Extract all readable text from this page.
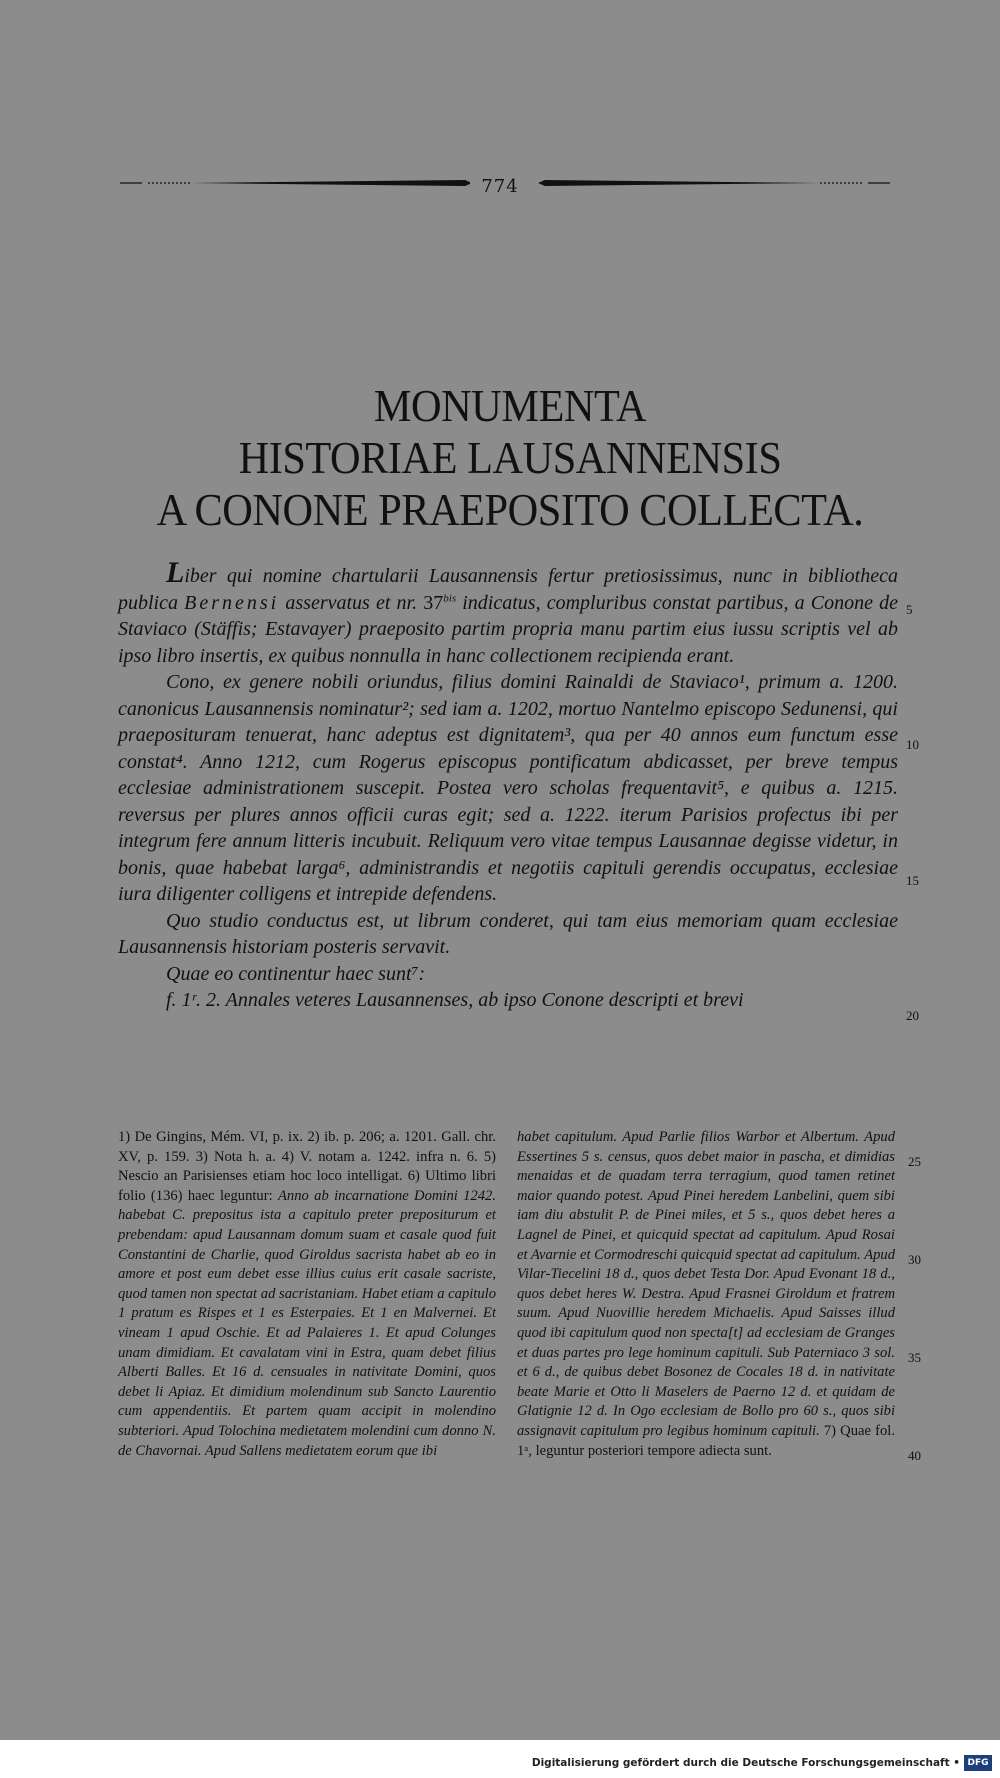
774
MONUMENTA
HISTORIAE LAUSANNENSIS
A CONONE PRAEPOSITO COLLECTA.

Liber qui nomine chartularii Lausannensis fertur pretiosissimus, nunc in bibliotheca publica Bernensi asservatus et nr. $37^{bis}$ indicatus, compluribus constat partibus, a Conone de Staviaco (Stäffis; Estavayer) praeposito partim propria manu partim eius iussu scriptis vel ab ipso libro insertis, ex quibus nonnulla in hanc collectionem recipienda erant.

Cono, ex genere nobili oriundus, filius domini Rainaldi de Staviaco¹, primum a. 1200. canonicus Lausannensis nominatur²; sed iam a. 1202, mortuo Nantelmo episcopo Sedunensi, qui praeposituram tenuerat, hanc adeptus est dignitatem³, qua per 40 annos eum functum esse constat⁴. Anno 1212, cum Rogerus episcopus pontificatum abdicasset, per breve tempus ecclesiae administrationem suscepit. Postea vero scholas frequentavit⁵, e quibus a. 1215. reversus per plures annos officii curas egit; sed a. 1222. iterum Parisios profectus ibi per integrum fere annum litteris incubuit. Reliquum vero vitae tempus Lausannae degisse videtur, in bonis, quae habebat larga⁶, administrandis et negotiis capituli gerendis occupatus, ecclesiae iura diligenter colligens et intrepide defendens.

Quo studio conductus est, ut librum conderet, qui tam eius memoriam quam ecclesiae Lausannensis historiam posteris servavit.

Quae eo continentur haec sunt⁷:

f. 1ʳ. 2. Annales veteres Lausannenses, ab ipso Conone descripti et brevi

5
10
15
20

1) De Gingins, Mém. VI, p. ix. 2) ib. p. 206; a. 1201. Gall. chr. XV, p. 159. 3) Nota h. a. 4) V. notam a. 1242. infra n. 6. 5) Nescio an Parisienses etiam hoc loco intelligat. 6) Ultimo libri folio (136) haec leguntur: Anno ab incarnatione Domini 1242. habebat C. prepositus ista a capitulo preter prepositurum et prebendam: apud Lausannam domum suam et casale quod fuit Constantini de Charlie, quod Giroldus sacrista habet ab eo in amore et post eum debet esse illius cuius erit casale sacriste, quod tamen non spectat ad sacristaniam. Habet etiam a capitulo 1 pratum es Rispes et 1 es Esterpaies. Et 1 en Malvernei. Et vineam 1 apud Oschie. Et ad Palaieres 1. Et apud Colunges unam dimidiam. Et cavalatam vini in Estra, quam debet filius Alberti Balles. Et 16 d. censuales in nativitate Domini, quos debet li Apiaz. Et dimidium molendinum sub Sancto Laurentio cum appendentiis. Et partem quam accipit in molendino subteriori. Apud Tolochina medietatem molendini cum donno N. de Chavornai. Apud Sallens medietatem eorum que ibi

habet capitulum. Apud Parlie filios Warbor et Albertum. Apud Essertines 5 s. census, quos debet maior in pascha, et dimidias menaidas et de quadam terra terragium, quod tamen retinet maior quando potest. Apud Pinei heredem Lanbelini, quem sibi iam diu abstulit P. de Pinei miles, et 5 s., quos debet heres a Lagnel de Pinei, et quicquid spectat ad capitulum. Apud Rosai et Avarnie et Cormodreschi quicquid spectat ad capitulum. Apud Vilar-Tiecelini 18 d., quos debet Testa Dor. Apud Evonant 18 d., quos debet heres W. Destra. Apud Frasnei Giroldum et fratrem suum. Apud Nuovillie heredem Michaelis. Apud Saisses illud quod ibi capitulum quod non specta[t] ad ecclesiam de Granges et duas partes pro lege hominum capituli. Sub Paterniaco 3 sol. et 6 d., de quibus debet Bosonez de Cocales 18 d. in nativitate beate Marie et Otto li Maselers de Paerno 12 d. et quidam de Glatignie 12 d. In Ogo ecclesiam de Bollo pro 60 s., quos sibi assignavit capitulum pro legibus hominum capituli. 7) Quae fol. 1ᵃ, leguntur posteriori tempore adiecta sunt.

25
30
35
40
Digitalisierung gefördert durch die Deutsche Forschungsgemeinschaft • DFG
